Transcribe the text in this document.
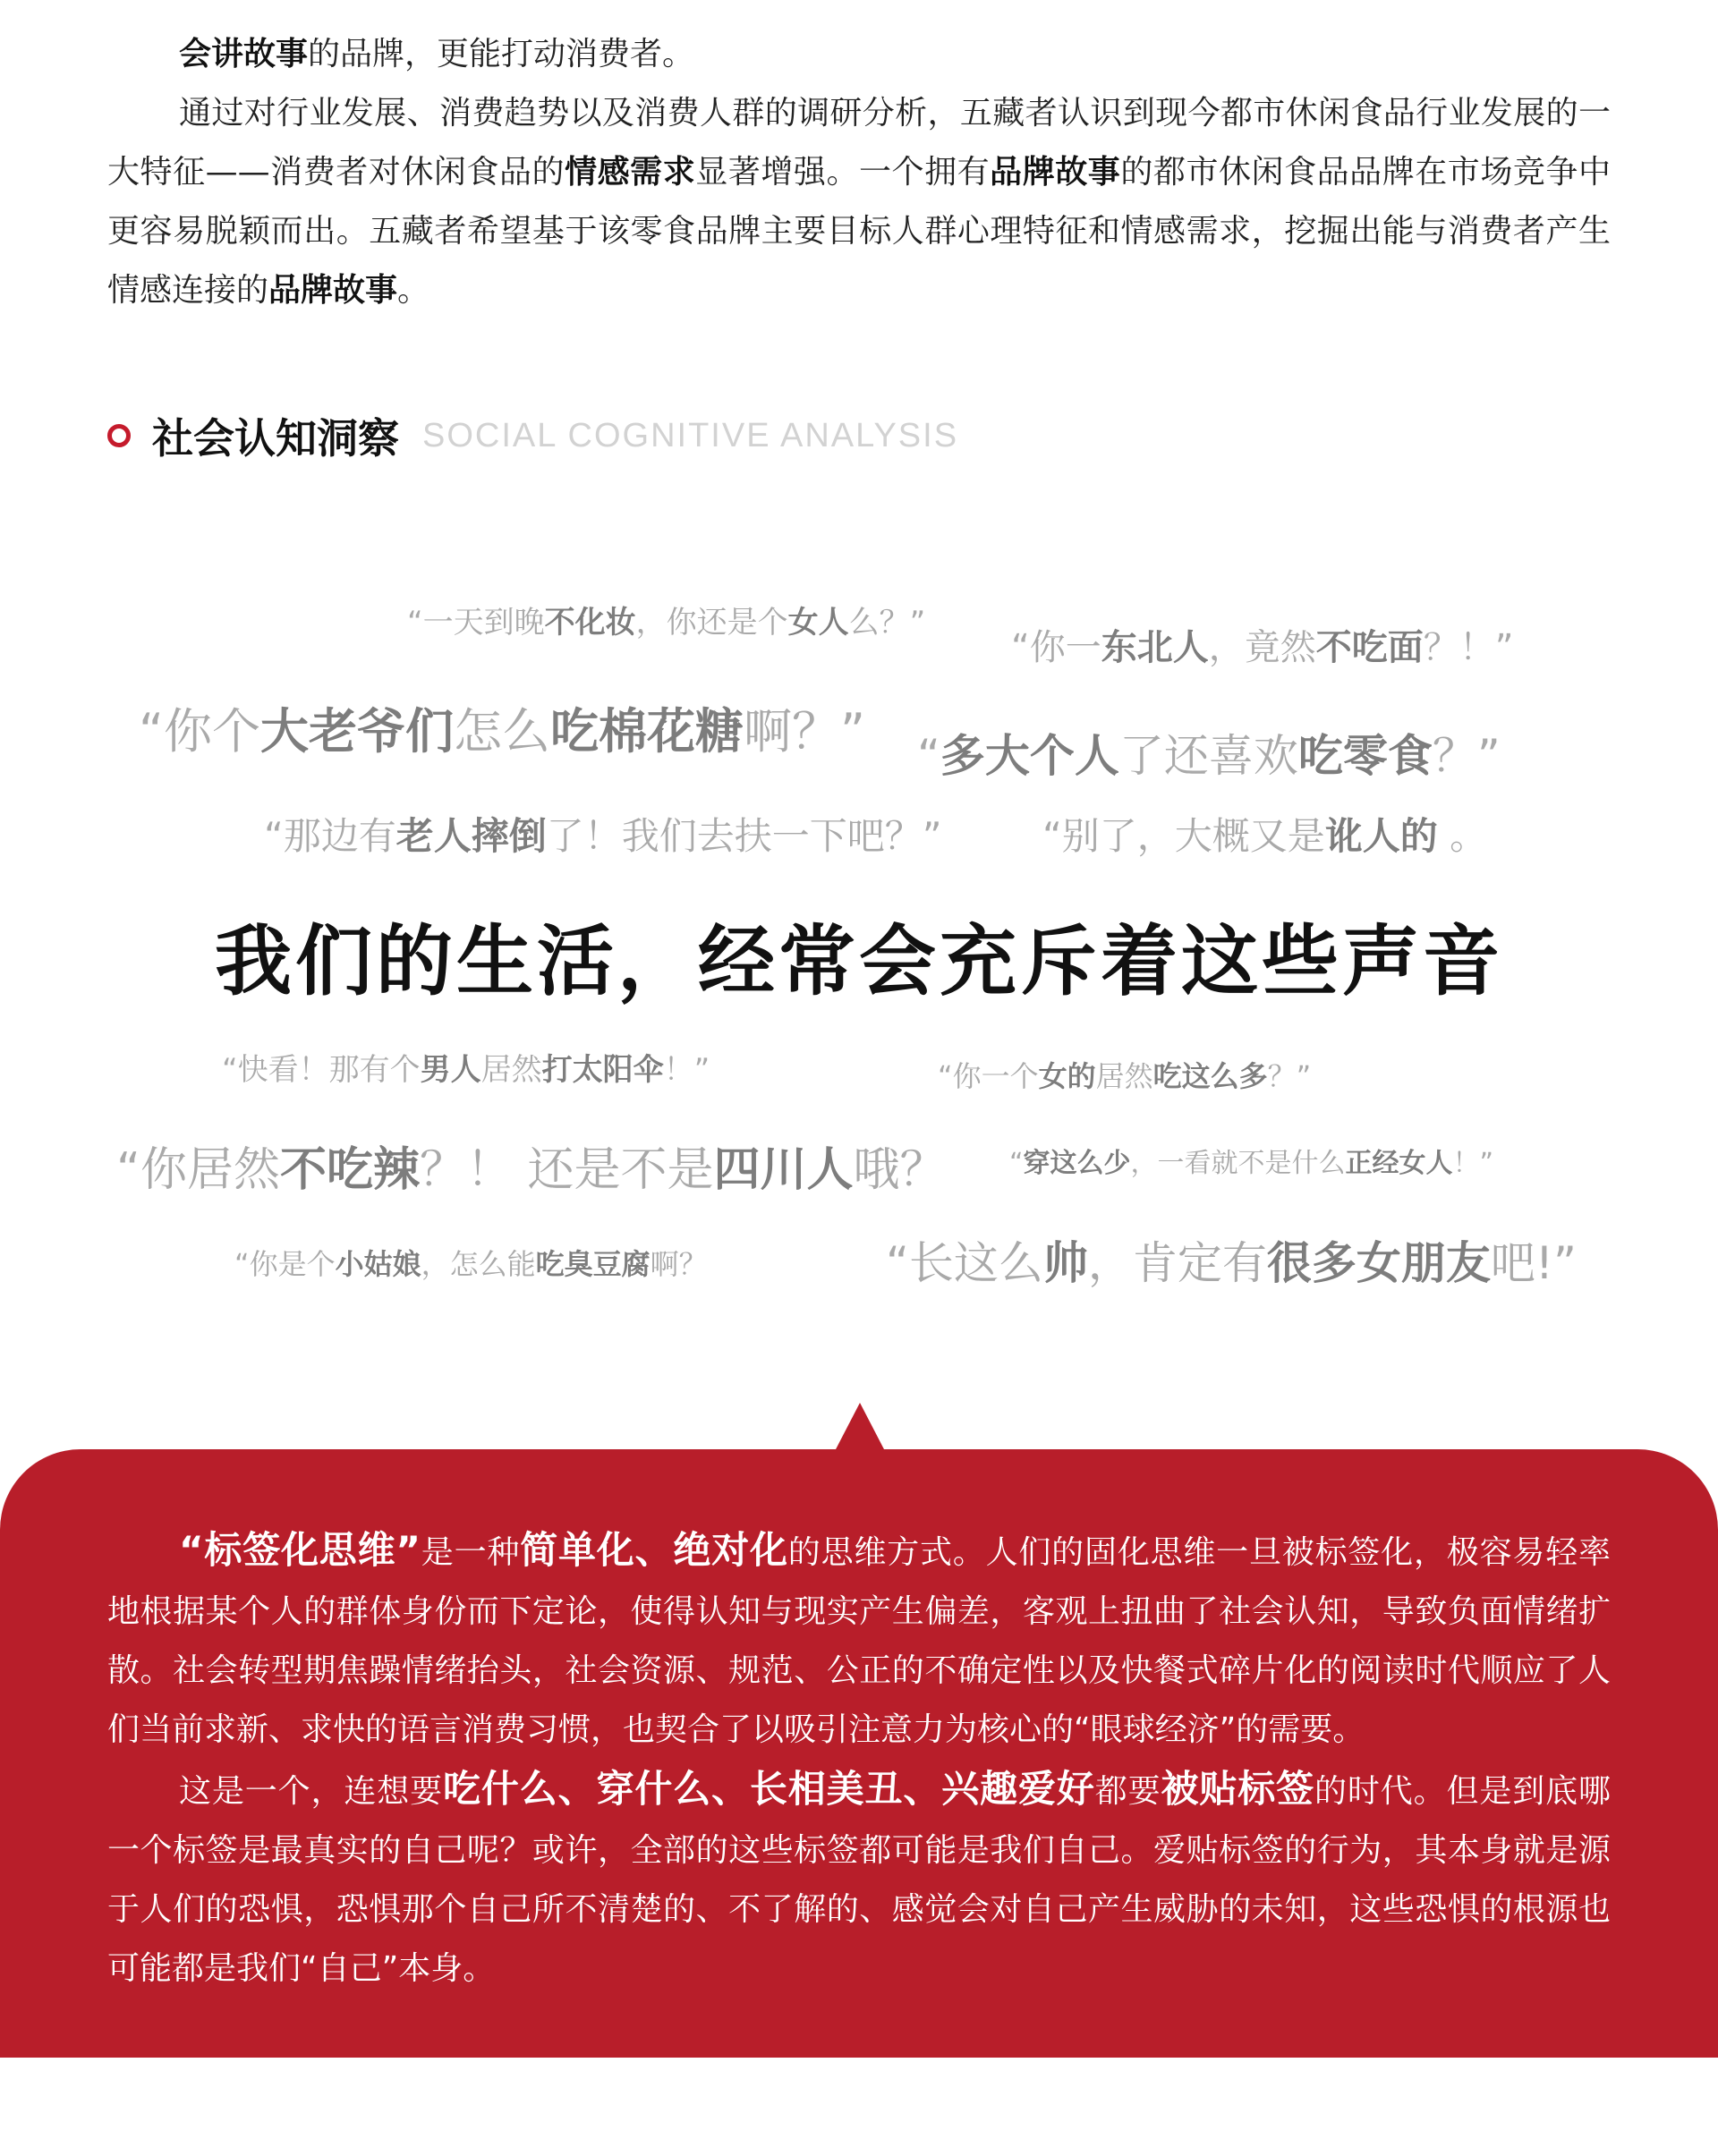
会讲故事的品牌，更能打动消费者。

通过对行业发展、消费趋势以及消费人群的调研分析，五藏者认识到现今都市休闲食品行业发展的一大特征——消费者对休闲食品的情感需求显著增强。一个拥有品牌故事的都市休闲食品品牌在市场竞争中更容易脱颖而出。五藏者希望基于该零食品牌主要目标人群心理特征和情感需求，挖掘出能与消费者产生情感连接的品牌故事。

社会认知洞察 SOCIAL COGNITIVE ANALYSIS
“一天到晚不化妆，你还是个女人么？”
“你一东北人，竟然不吃面？！”
“你个大老爷们怎么吃棉花糖啊？” “多大个人了还喜欢吃零食？”
“那边有老人摔倒了！我们去扶一下吧？”	“别了，大概又是讹人的 。
“快看！那有个男人居然打太阳伞！”	“你一个女的居然吃这么多？”
“你居然不吃辣？！ 还是不是四川人哦？ “穿这么少，一看就不是什么正经女人！”
“你是个小姑娘，怎么能吃臭豆腐啊？	“长这么帅，肯定有很多女朋友吧!”
我们的生活，经常会充斥着这些声音

“标签化思维”是一种简单化、绝对化的思维方式。人们的固化思维一旦被标签化，极容易轻率地根据某个人的群体身份而下定论，使得认知与现实产生偏差，客观上扭曲了社会认知，导致负面情绪扩散。社会转型期焦躁情绪抬头，社会资源、规范、公正的不确定性以及快餐式碎片化的阅读时代顺应了人们当前求新、求快的语言消费习惯，也契合了以吸引注意力为核心的“眼球经济”的需要。

这是一个，连想要吃什么、穿什么、长相美丑、兴趣爱好都要被贴标签的时代。但是到底哪一个标签是最真实的自己呢？或许，全部的这些标签都可能是我们自己。爱贴标签的行为，其本身就是源于人们的恐惧，恐惧那个自己所不清楚的、不了解的、感觉会对自己产生威胁的未知，这些恐惧的根源也可能都是我们“自己”本身。
